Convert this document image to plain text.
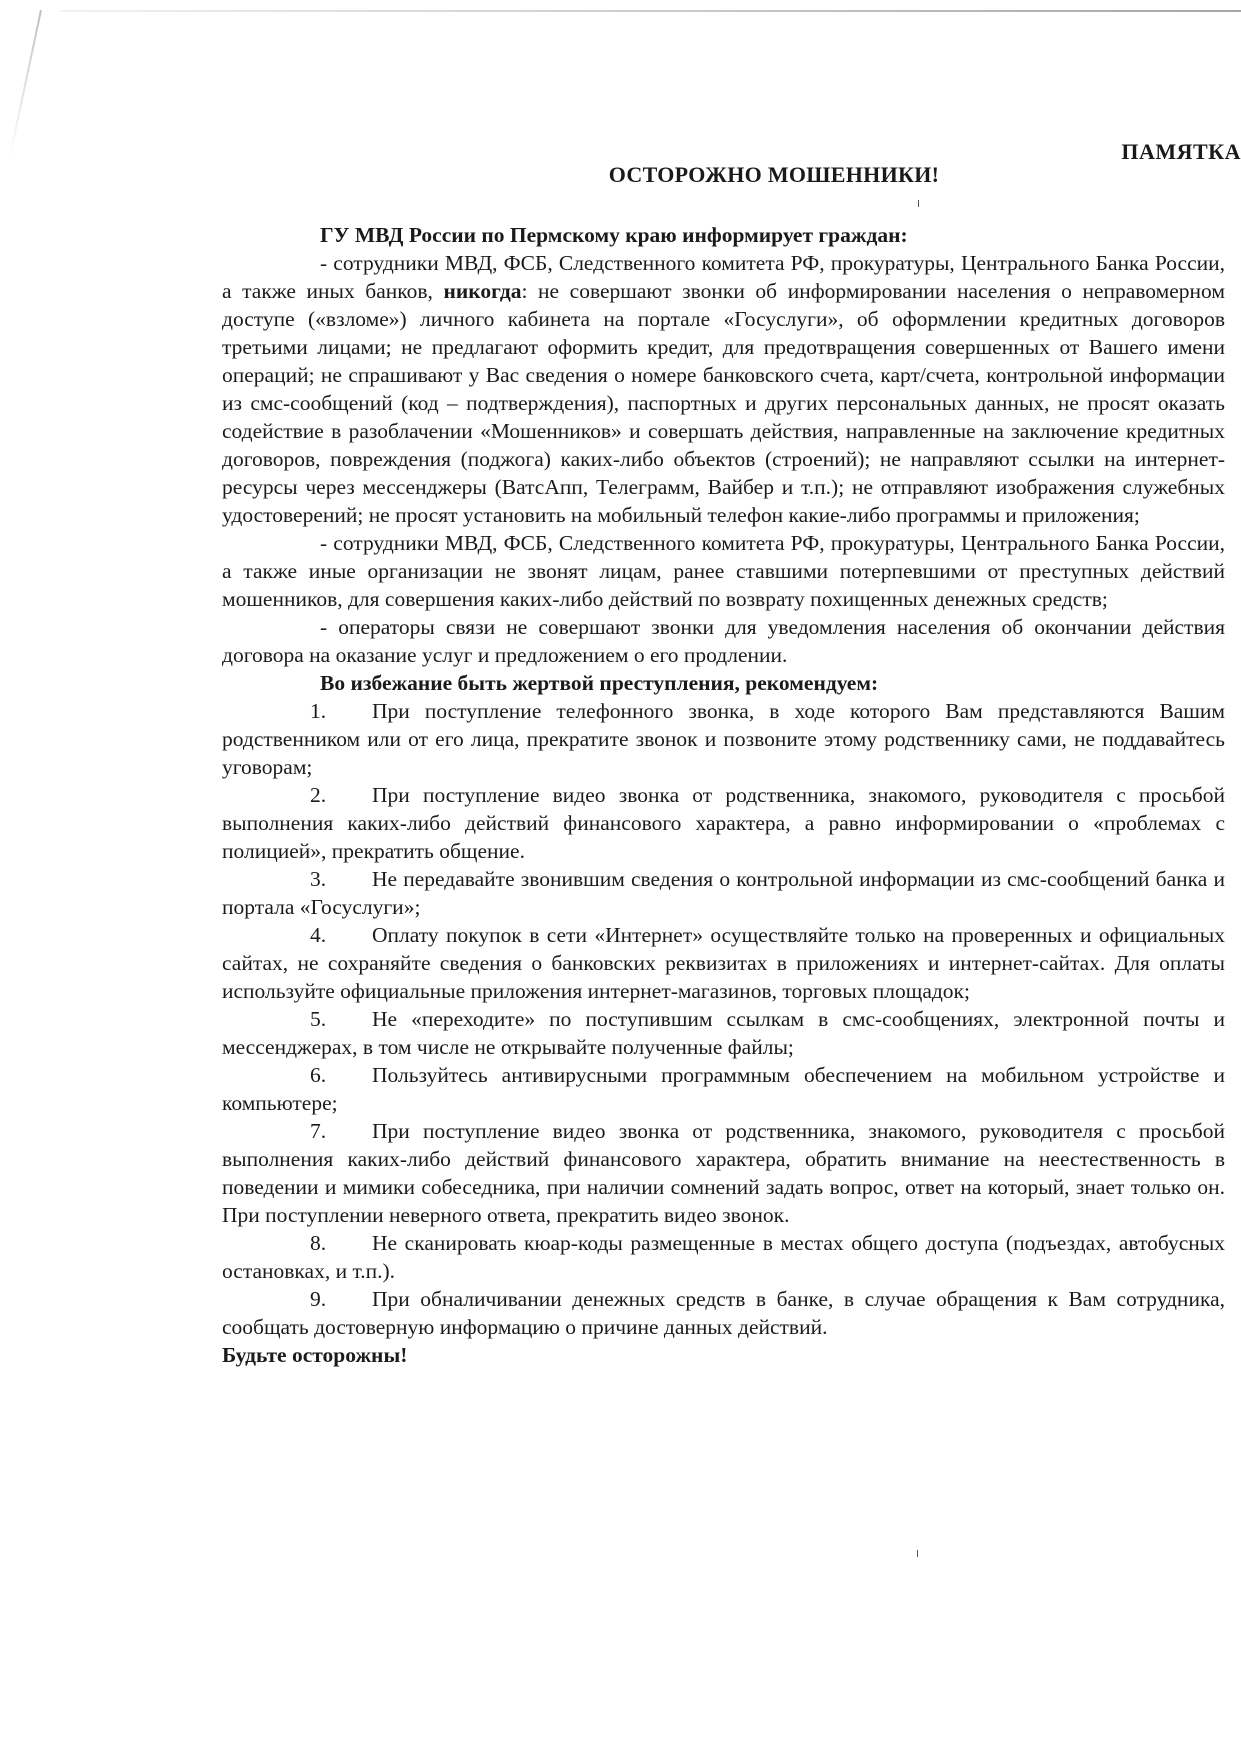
ПАМЯТКА
ОСТОРОЖНО МОШЕННИКИ!

ГУ МВД России по Пермскому краю информирует граждан:

- сотрудники МВД, ФСБ, Следственного комитета РФ, прокуратуры, Центрального Банка России, а также иных банков, никогда: не совершают звонки об информировании населения о неправомерном доступе («взломе») личного кабинета на портале «Госуслуги», об оформлении кредитных договоров третьими лицами; не предлагают оформить кредит, для предотвращения совершенных от Вашего имени операций; не спрашивают у Вас сведения о номере банковского счета, карт/счета, контрольной информации из смс-сообщений (код – подтверждения), паспортных и других персональных данных, не просят оказать содействие в разоблачении «Мошенников» и совершать действия, направленные на заключение кредитных договоров, повреждения (поджога) каких-либо объектов (строений); не направляют ссылки на интернет-ресурсы через мессенджеры (ВатсАпп, Телеграмм, Вайбер и т.п.); не отправляют изображения служебных удостоверений; не просят установить на мобильный телефон какие-либо программы и приложения;

- сотрудники МВД, ФСБ, Следственного комитета РФ, прокуратуры, Центрального Банка России, а также иные организации не звонят лицам, ранее ставшими потерпевшими от преступных действий мошенников, для совершения каких-либо действий по возврату похищенных денежных средств;

- операторы связи не совершают звонки для уведомления населения об окончании действия договора на оказание услуг и предложением о его продлении.

Во избежание быть жертвой преступления, рекомендуем:

1. При поступление телефонного звонка, в ходе которого Вам представляются Вашим родственником или от его лица, прекратите звонок и позвоните этому родственнику сами, не поддавайтесь уговорам;

2. При поступление видео звонка от родственника, знакомого, руководителя с просьбой выполнения каких-либо действий финансового характера, а равно информировании о «проблемах с полицией», прекратить общение.

3. Не передавайте звонившим сведения о контрольной информации из смс-сообщений банка и портала «Госуслуги»;

4. Оплату покупок в сети «Интернет» осуществляйте только на проверенных и официальных сайтах, не сохраняйте сведения о банковских реквизитах в приложениях и интернет-сайтах. Для оплаты используйте официальные приложения интернет-магазинов, торговых площадок;

5. Не «переходите» по поступившим ссылкам в смс-сообщениях, электронной почты и мессенджерах, в том числе не открывайте полученные файлы;

6. Пользуйтесь антивирусными программным обеспечением на мобильном устройстве и компьютере;

7. При поступление видео звонка от родственника, знакомого, руководителя с просьбой выполнения каких-либо действий финансового характера, обратить внимание на неестественность в поведении и мимики собеседника, при наличии сомнений задать вопрос, ответ на который, знает только он. При поступлении неверного ответа, прекратить видео звонок.

8. Не сканировать кюар-коды размещенные в местах общего доступа (подъездах, автобусных остановках, и т.п.).

9. При обналичивании денежных средств в банке, в случае обращения к Вам сотрудника, сообщать достоверную информацию о причине данных действий.

Будьте осторожны!
